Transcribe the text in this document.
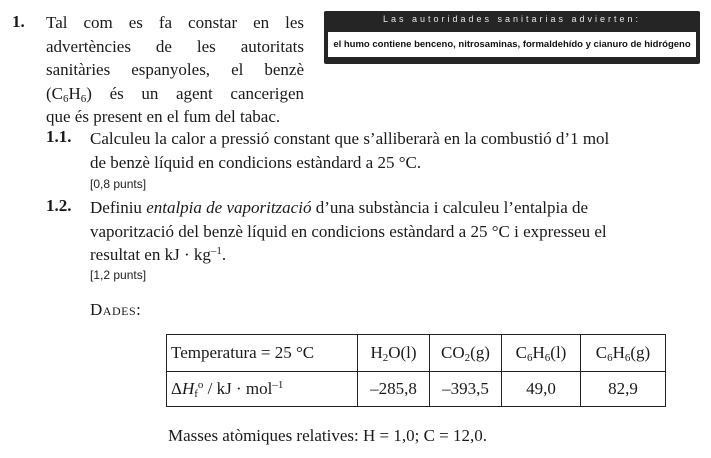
1. Tal com es fa constar en les
advertències de les autoritats
sanitàries espanyoles, el benzè
$(C_6H_6)$ és un agent cancerigen
que és present en el fum del tabac.
Las autoridades sanitarias advierten:
el humo contiene benceno, nitrosaminas, formaldehído y cianuro de hidrógeno
1.1. Calculeu la calor a pressió constant que s’alliberarà en la combustió d’1 mol
de benzè líquid en condicions estàndard a 25 °C.
[0,8 punts]
1.2. Definiu entalpia de vaporització d’una substància i calculeu l’entalpia de
vaporització del benzè líquid en condicions estàndard a 25 °C i expresseu el
resultat en kJ · $kg^{-1}$.
[1,2 punts]
Dades:
Temperatura = 25 °C	$H_2O(l)$	$CO_2(g)$	$C_6H_6(l)$	$C_6H_6(g)$
$\Delta H_f^o$ / kJ · mol$^{-1}$	–285,8	–393,5	49,0	82,9
Masses atòmiques relatives: H = 1,0; C = 12,0.
